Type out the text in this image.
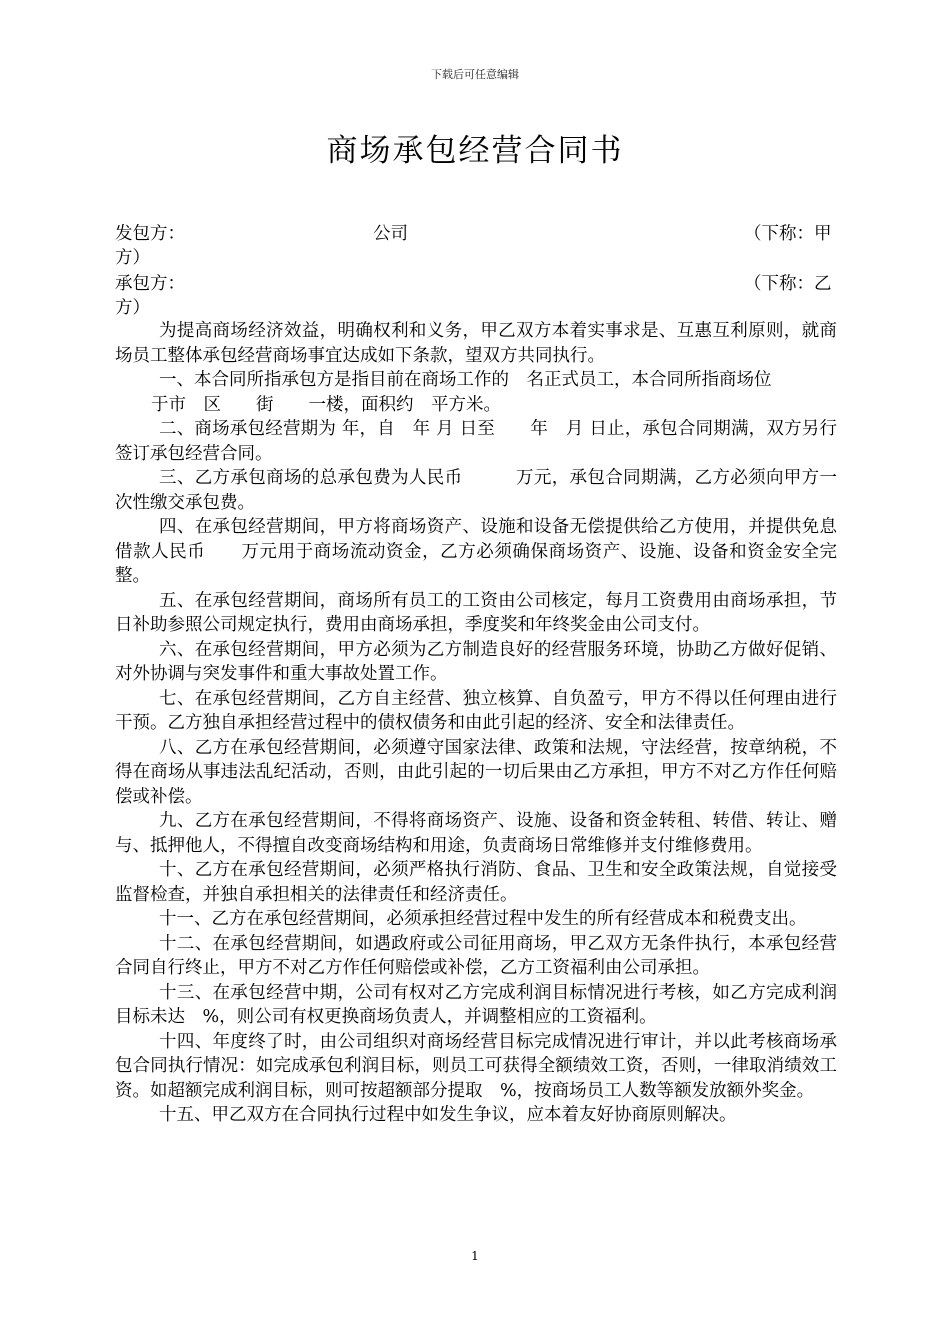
下载后可任意编辑
商场承包经营合同书
发包方：	公司	（下称：甲
方）
承包方：	（下称：乙
方）

为提高商场经济效益，明确权利和义务，甲乙双方本着实事求是、互惠互利原则，就商场员工整体承包经营商场事宜达成如下条款，望双方共同执行。

一、本合同所指承包方是指目前在商场工作的　名正式员工，本合同所指商场位

于市　区　　街　　一楼，面积约　平方米。

二、商场承包经营期为 年，自　年 月 日至　　年　月 日止，承包合同期满，双方另行签订承包经营合同。

三、乙方承包商场的总承包费为人民币　　　万元，承包合同期满，乙方必须向甲方一次性缴交承包费。

四、在承包经营期间，甲方将商场资产、设施和设备无偿提供给乙方使用，并提供免息借款人民币　　万元用于商场流动资金，乙方必须确保商场资产、设施、设备和资金安全完整。

五、在承包经营期间，商场所有员工的工资由公司核定，每月工资费用由商场承担，节日补助参照公司规定执行，费用由商场承担，季度奖和年终奖金由公司支付。

六、在承包经营期间，甲方必须为乙方制造良好的经营服务环境，协助乙方做好促销、对外协调与突发事件和重大事故处置工作。

七、在承包经营期间，乙方自主经营、独立核算、自负盈亏，甲方不得以任何理由进行干预。乙方独自承担经营过程中的债权债务和由此引起的经济、安全和法律责任。

八、乙方在承包经营期间，必须遵守国家法律、政策和法规，守法经营，按章纳税，不得在商场从事违法乱纪活动，否则，由此引起的一切后果由乙方承担，甲方不对乙方作任何赔偿或补偿。

九、乙方在承包经营期间，不得将商场资产、设施、设备和资金转租、转借、转让、赠与、抵押他人，不得擅自改变商场结构和用途，负责商场日常维修并支付维修费用。

十、乙方在承包经营期间，必须严格执行消防、食品、卫生和安全政策法规，自觉接受监督检查，并独自承担相关的法律责任和经济责任。

十一、乙方在承包经营期间，必须承担经营过程中发生的所有经营成本和税费支出。

十二、在承包经营期间，如遇政府或公司征用商场，甲乙双方无条件执行，本承包经营合同自行终止，甲方不对乙方作任何赔偿或补偿，乙方工资福利由公司承担。

十三、在承包经营中期，公司有权对乙方完成利润目标情况进行考核，如乙方完成利润目标未达　%，则公司有权更换商场负责人，并调整相应的工资福利。

十四、年度终了时，由公司组织对商场经营目标完成情况进行审计，并以此考核商场承包合同执行情况：如完成承包利润目标，则员工可获得全额绩效工资，否则，一律取消绩效工资。如超额完成利润目标，则可按超额部分提取　%，按商场员工人数等额发放额外奖金。

十五、甲乙双方在合同执行过程中如发生争议，应本着友好协商原则解决。

1
